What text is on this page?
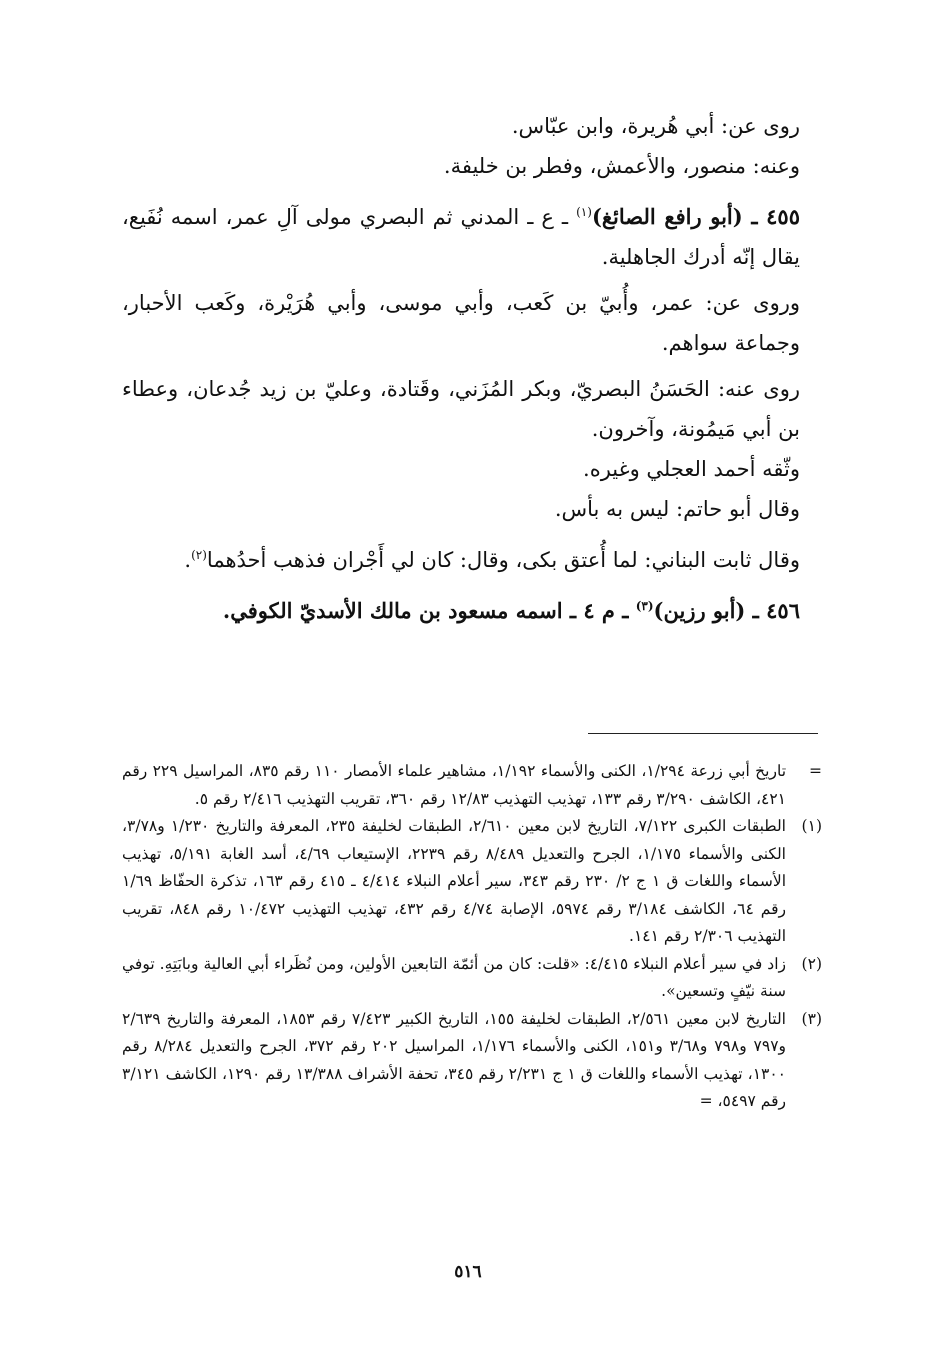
روى عن: أبي هُريرة، وابن عبّاس.

وعنه: منصور، والأعمش، وفطر بن خليفة.

٤٥٥ ـ (أبو رافع الصائغ)$^{(١)}$ ـ ع ـ المدني ثم البصري مولى آلِ عمر، اسمه نُفَيع، يقال إنّه أدرك الجاهلية.

وروى عن: عمر، وأُبيّ بن كَعب، وأبي موسى، وأبي هُرَيْرة، وكَعب الأحبار، وجماعة سواهم.

روى عنه: الحَسَنُ البصريّ، وبكر المُزَني، وقَتادة، وعليّ بن زيد جُدعان، وعطاء بن أبي مَيمُونة، وآخرون.

وثّقه أحمد العجلي وغيره.

وقال أبو حاتم: ليس به بأس.

وقال ثابت البناني: لما أُعتق بكى، وقال: كان لي أَجْران فذهب أحدُهما$^{(٢)}$.

٤٥٦ ـ (أبو رزين)$^{(٣)}$ ـ م ٤ ـ اسمه مسعود بن مالك الأسديّ الكوفي.

=
تاريخ أبي زرعة ١/٢٩٤، الكنى والأسماء ١/١٩٢، مشاهير علماء الأمصار ١١٠ رقم ٨٣٥، المراسيل ٢٢٩ رقم ٤٢١، الكاشف ٣/٢٩٠ رقم ١٣٣، تهذيب التهذيب ١٢/٨٣ رقم ٣٦٠، تقريب التهذيب ٢/٤١٦ رقم ٥.
(١)
الطبقات الكبرى ٧/١٢٢، التاريخ لابن معين ٢/٦١٠، الطبقات لخليفة ٢٣٥، المعرفة والتاريخ ١/٢٣٠ و٣/٧٨، الكنى والأسماء ١/١٧٥، الجرح والتعديل ٨/٤٨٩ رقم ٢٢٣٩، الإستيعاب ٤/٦٩، أسد الغابة ٥/١٩١، تهذيب الأسماء واللغات ق ١ ج ٢/ ٢٣٠ رقم ٣٤٣، سير أعلام النبلاء ٤/٤١٤ ـ ٤١٥ رقم ١٦٣، تذكرة الحفّاظ ١/٦٩ رقم ٦٤، الكاشف ٣/١٨٤ رقم ٥٩٧٤، الإصابة ٤/٧٤ رقم ٤٣٢، تهذيب التهذيب ١٠/٤٧٢ رقم ٨٤٨، تقريب التهذيب ٢/٣٠٦ رقم ١٤١.
(٢)
زاد في سير أعلام النبلاء ٤/٤١٥: «قلت: كان من أئمّة التابعين الأولين، ومن نُظَراء أبي العالية وبابَتِهِ. توفي سنة نيّفٍ وتسعين».
(٣)
التاريخ لابن معين ٢/٥٦١، الطبقات لخليفة ١٥٥، التاريخ الكبير ٧/٤٢٣ رقم ١٨٥٣، المعرفة والتاريخ ٢/٦٣٩ و٧٩٧ و٧٩٨ و٣/٦٨ و١٥١، الكنى والأسماء ١/١٧٦، المراسيل ٢٠٢ رقم ٣٧٢، الجرح والتعديل ٨/٢٨٤ رقم ١٣٠٠، تهذيب الأسماء واللغات ق ١ ج ٢/٢٣١ رقم ٣٤٥، تحفة الأشراف ١٣/٣٨٨ رقم ١٢٩٠، الكاشف ٣/١٢١ رقم ٥٤٩٧، =
٥١٦
